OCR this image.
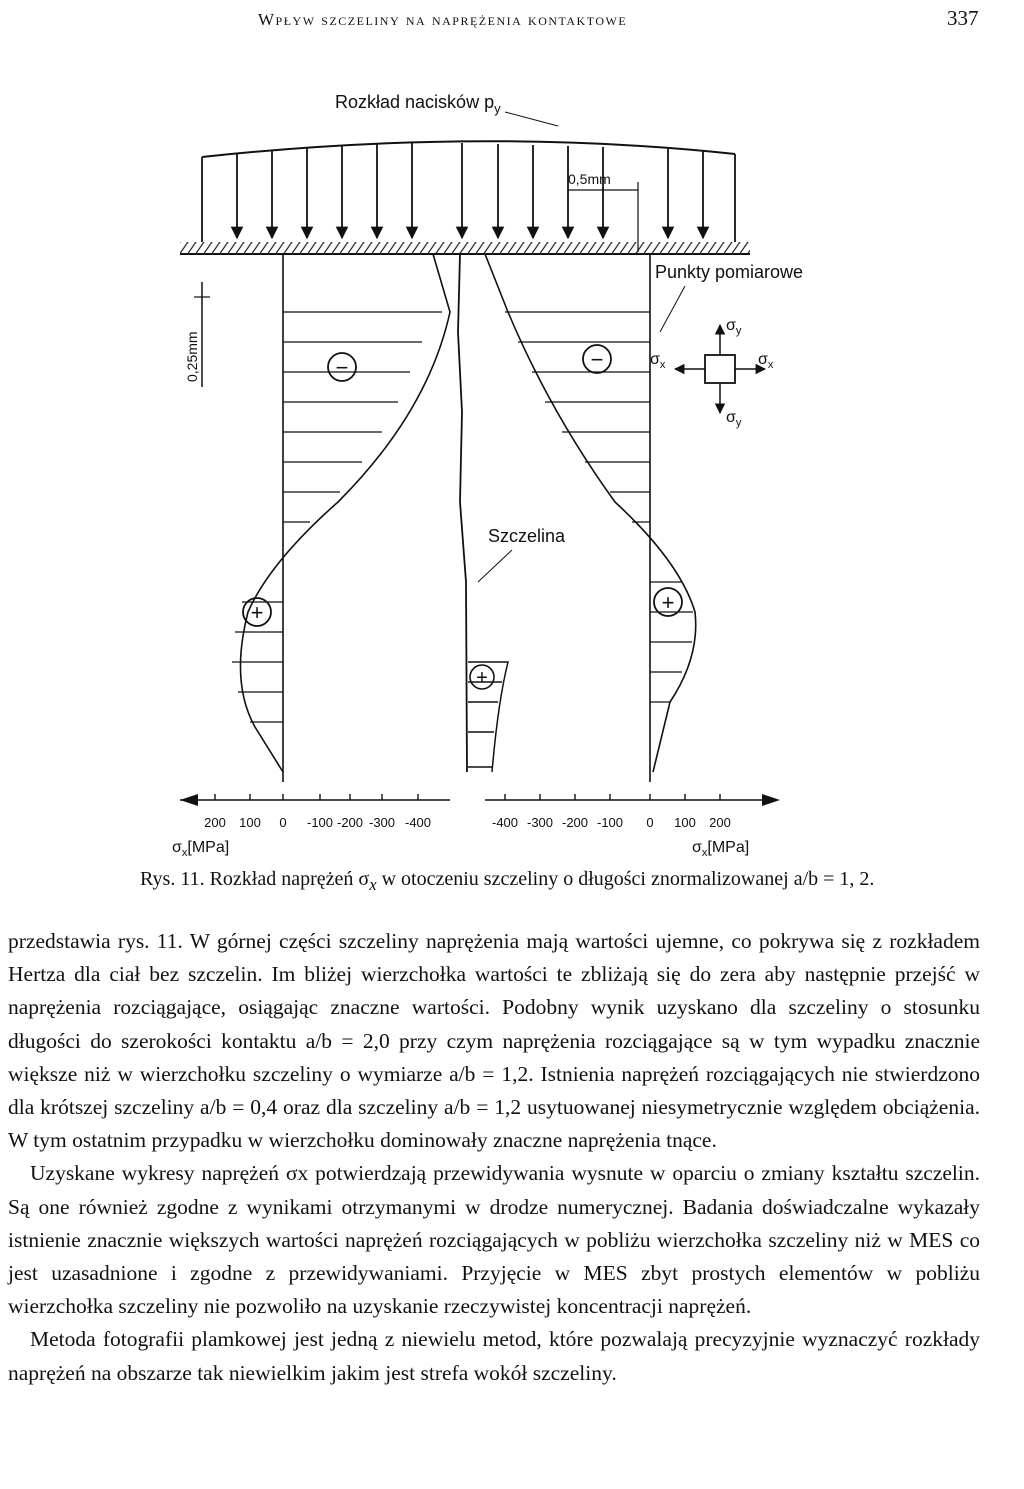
Wpływ szczeliny na naprężenia kontaktowe	337
Rozkład nacisków $p_y$
0,5mm
0,25mm	−
+
Szczelina
+
−
+
Punkty pomiarowe
$\sigma_y$
$\sigma_y$
$\sigma_x$	$\sigma_x$
200 100 0 -100 -200 -300 -400
$\sigma_x[MPa]$
-400 -300 -200 -100 0 100 200
$\sigma_x[MPa]$
Rys. 11. Rozkład naprężeń $\sigma_x$ w otoczeniu szczeliny o długości znormalizowanej a/b = 1, 2.

przedstawia rys. 11. W górnej części szczeliny naprężenia mają wartości ujemne, co pokrywa się z rozkładem Hertza dla ciał bez szczelin. Im bliżej wierzchołka wartości te zbliżają się do zera aby następnie przejść w naprężenia rozciągające, osiągając znaczne wartości. Podobny wynik uzyskano dla szczeliny o stosunku długości do szerokości kontaktu a/b = 2,0 przy czym naprężenia rozciągające są w tym wypadku znacznie większe niż w wierzchołku szczeliny o wymiarze a/b = 1,2. Istnienia naprężeń rozciągających nie stwierdzono dla krótszej szczeliny a/b = 0,4 oraz dla szczeliny a/b = 1,2 usytuowanej niesymetrycznie względem obciążenia. W tym ostatnim przypadku w wierzchołku dominowały znaczne naprężenia tnące.

Uzyskane wykresy naprężeń σx potwierdzają przewidywania wysnute w oparciu o zmiany kształtu szczelin. Są one również zgodne z wynikami otrzymanymi w drodze numerycznej. Badania doświadczalne wykazały istnienie znacznie większych wartości naprężeń rozciągających w pobliżu wierzchołka szczeliny niż w MES co jest uzasadnione i zgodne z przewidywaniami. Przyjęcie w MES zbyt prostych elementów w pobliżu wierzchołka szczeliny nie pozwoliło na uzyskanie rzeczywistej koncentracji naprężeń.

Metoda fotografii plamkowej jest jedną z niewielu metod, które pozwalają precyzyjnie wyznaczyć rozkłady naprężeń na obszarze tak niewielkim jakim jest strefa wokół szczeliny.
